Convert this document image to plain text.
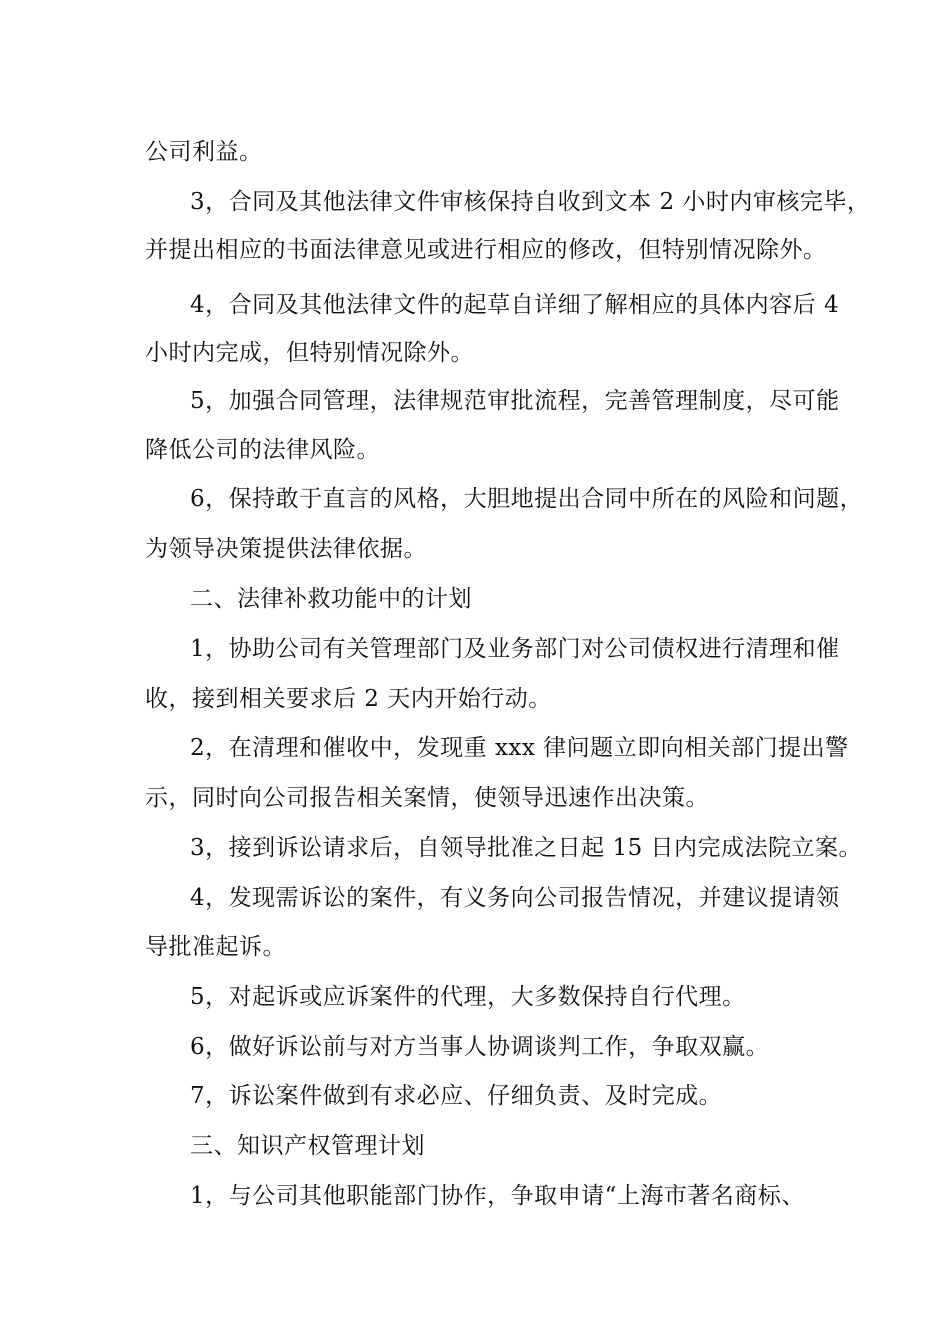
公司利益。
3，合同及其他法律文件审核保持自收到文本 2 小时内审核完毕，
并提出相应的书面法律意见或进行相应的修改，但特别情况除外。
4，合同及其他法律文件的起草自详细了解相应的具体内容后 4
小时内完成，但特别情况除外。
5，加强合同管理，法律规范审批流程，完善管理制度，尽可能
降低公司的法律风险。
6，保持敢于直言的风格，大胆地提出合同中所在的风险和问题，
为领导决策提供法律依据。
二、法律补救功能中的计划
1，协助公司有关管理部门及业务部门对公司债权进行清理和催
收，接到相关要求后 2 天内开始行动。
2，在清理和催收中，发现重 xxx 律问题立即向相关部门提出警
示，同时向公司报告相关案情，使领导迅速作出决策。
3，接到诉讼请求后，自领导批准之日起 15 日内完成法院立案。
4，发现需诉讼的案件，有义务向公司报告情况，并建议提请领
导批准起诉。
5，对起诉或应诉案件的代理，大多数保持自行代理。
6，做好诉讼前与对方当事人协调谈判工作，争取双赢。
7，诉讼案件做到有求必应、仔细负责、及时完成。
三、知识产权管理计划
1，与公司其他职能部门协作，争取申请“上海市著名商标、
